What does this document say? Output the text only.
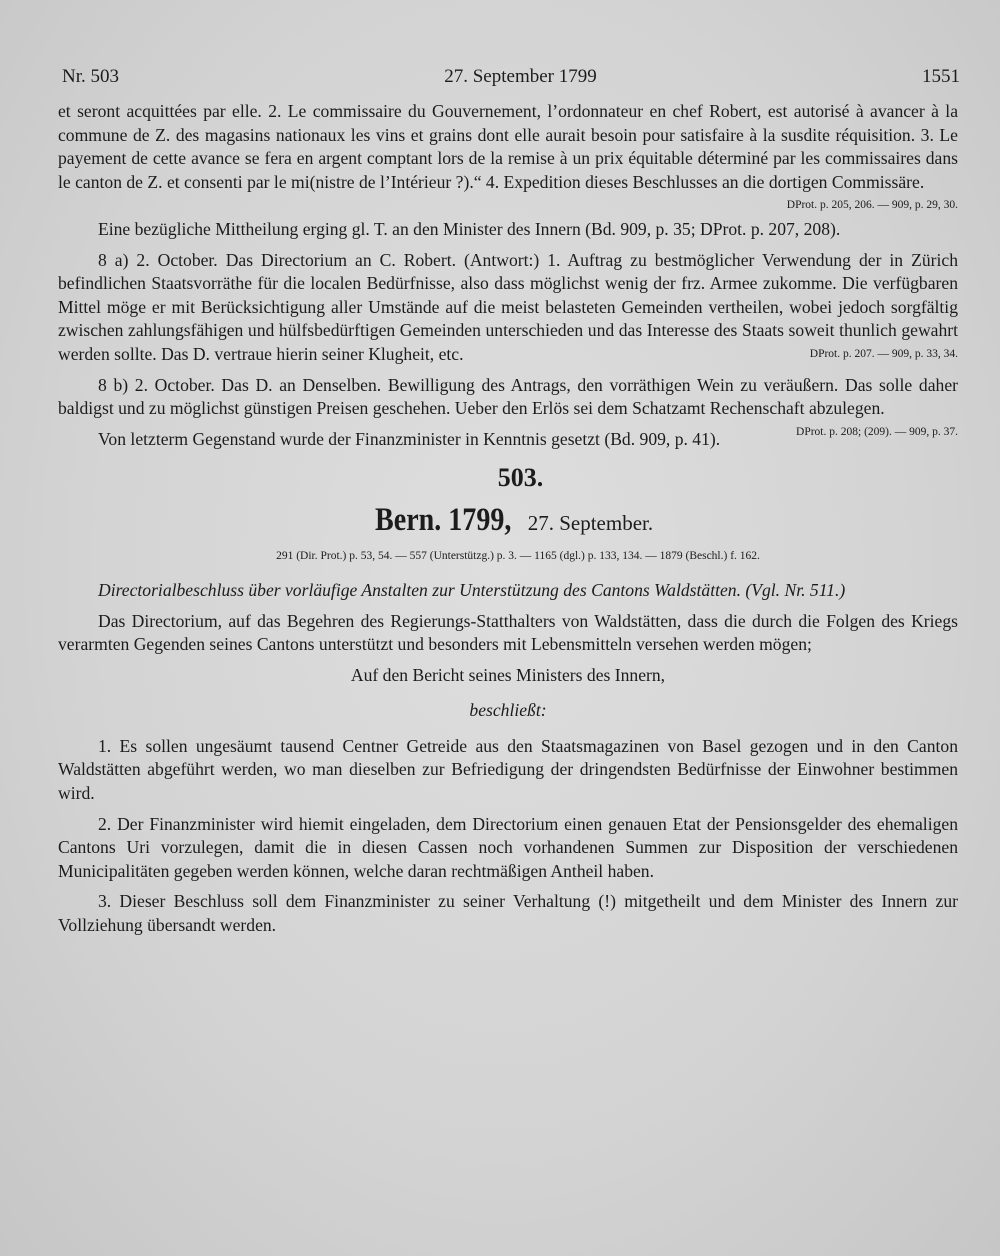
Nr. 503	27. September 1799	1551

et seront acquittées par elle. 2. Le commissaire du Gouvernement, l’ordonnateur en chef Robert, est autorisé à avancer à la commune de Z. des magasins nationaux les vins et grains dont elle aurait besoin pour satisfaire à la susdite réquisition. 3. Le payement de cette avance se fera en argent comptant lors de la remise à un prix équitable déterminé par les commissaires dans le canton de Z. et consenti par le mi(nistre de l’Intérieur ?).“ 4. Expedition dieses Beschlusses an die dortigen Commissäre.

DProt. p. 205, 206. — 909, p. 29, 30.

Eine bezügliche Mittheilung erging gl. T. an den Minister des Innern (Bd. 909, p. 35; DProt. p. 207, 208).

8 a) 2. October. Das Directorium an C. Robert. (Antwort:) 1. Auftrag zu bestmöglicher Verwendung der in Zürich befindlichen Staatsvorräthe für die localen Bedürfnisse, also dass möglichst wenig der frz. Armee zukomme. Die verfügbaren Mittel möge er mit Berücksichtigung aller Umstände auf die meist belasteten Gemeinden vertheilen, wobei jedoch sorgfältig zwischen zahlungsfähigen und hülfsbedürftigen Gemeinden unterschieden und das Interesse des Staats soweit thunlich gewahrt werden sollte. Das D. vertraue hierin seiner Klugheit, etc.	DProt. p. 207. — 909, p. 33, 34.

8 b) 2. October. Das D. an Denselben. Bewilligung des Antrags, den vorräthigen Wein zu veräußern. Das solle daher baldigst und zu möglichst günstigen Preisen geschehen. Ueber den Erlös sei dem Schatzamt Rechenschaft abzulegen.
DProt. p. 208; (209). — 909, p. 37.

Von letzterm Gegenstand wurde der Finanzminister in Kenntnis gesetzt (Bd. 909, p. 41).

503.
Bern. 1799, 27. September.
291 (Dir. Prot.) p. 53, 54. — 557 (Unterstützg.) p. 3. — 1165 (dgl.) p. 133, 134. — 1879 (Beschl.) f. 162.

Directorialbeschluss über vorläufige Anstalten zur Unterstützung des Cantons Waldstätten. (Vgl. Nr. 511.)

Das Directorium, auf das Begehren des Regierungs-Statthalters von Waldstätten, dass die durch die Folgen des Kriegs verarmten Gegenden seines Cantons unterstützt und besonders mit Lebensmitteln versehen werden mögen;

Auf den Bericht seines Ministers des Innern,

beschließt:

1. Es sollen ungesäumt tausend Centner Getreide aus den Staatsmagazinen von Basel gezogen und in den Canton Waldstätten abgeführt werden, wo man dieselben zur Befriedigung der dringendsten Bedürfnisse der Einwohner bestimmen wird.

2. Der Finanzminister wird hiemit eingeladen, dem Directorium einen genauen Etat der Pensionsgelder des ehemaligen Cantons Uri vorzulegen, damit die in diesen Cassen noch vorhandenen Summen zur Disposition der verschiedenen Municipalitäten gegeben werden können, welche daran rechtmäßigen Antheil haben.

3. Dieser Beschluss soll dem Finanzminister zu seiner Verhaltung (!) mitgetheilt und dem Minister des Innern zur Vollziehung übersandt werden.
